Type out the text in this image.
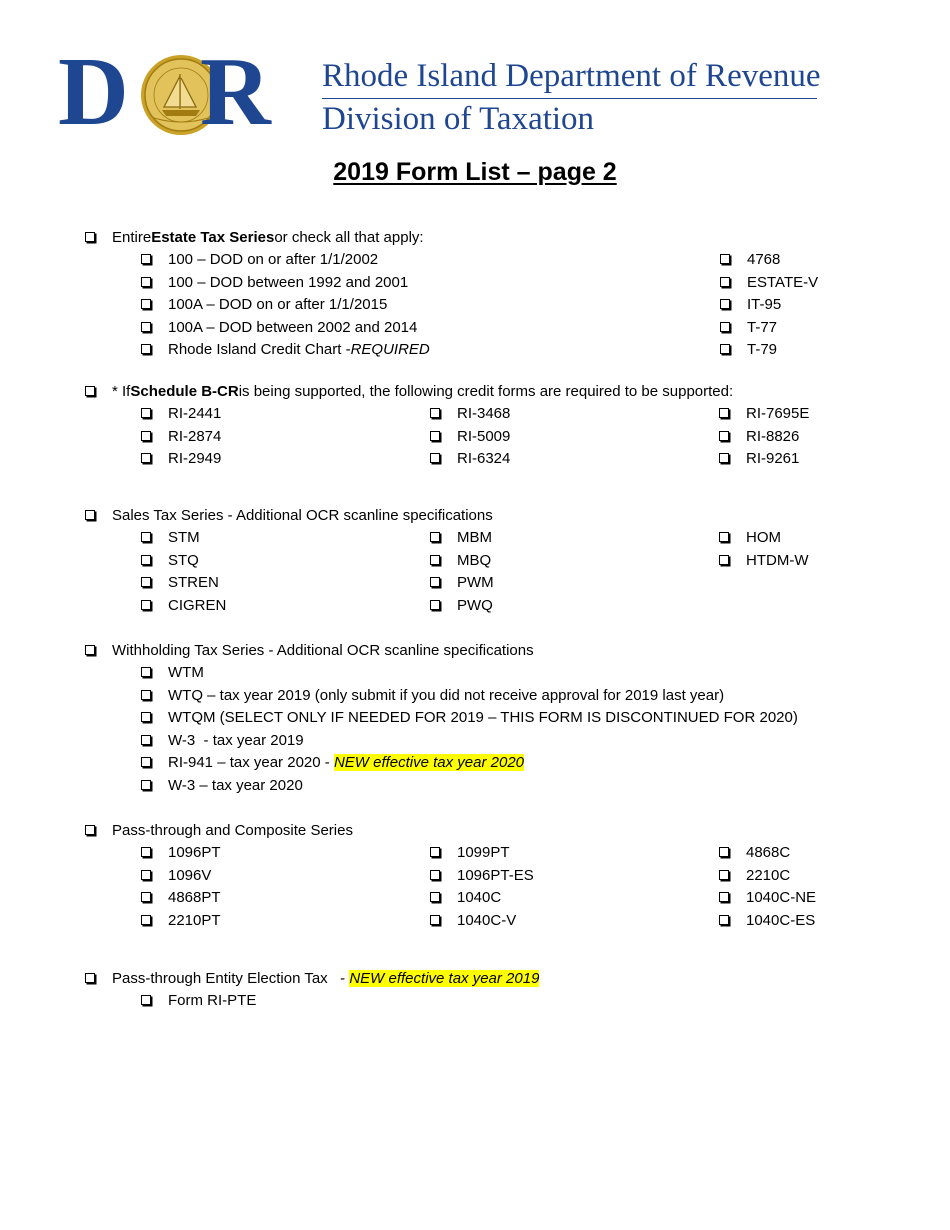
D R Rhode Island Department of Revenue
Division of Taxation
2019 Form List – page 2
Entire Estate Tax Series or check all that apply:
100 – DOD on or after 1/1/2002
100 – DOD between 1992 and 2001
100A – DOD on or after 1/1/2015
100A – DOD between 2002 and 2014
Rhode Island Credit Chart - REQUIRED
4768
ESTATE-V
IT-95
T-77
T-79
* If Schedule B-CR is being supported, the following credit forms are required to be supported:
RI-2441
RI-2874
RI-2949
RI-3468
RI-5009
RI-6324
RI-7695E
RI-8826
RI-9261
Sales Tax Series - Additional OCR scanline specifications
STM
STQ
STREN
CIGREN
MBM
MBQ
PWM
PWQ
HOM
HTDM-W
Withholding Tax Series - Additional OCR scanline specifications
WTM
WTQ – tax year 2019 (only submit if you did not receive approval for 2019 last year)
WTQM (SELECT ONLY IF NEEDED FOR 2019 – THIS FORM IS DISCONTINUED FOR 2020)
W-3  - tax year 2019
RI-941 – tax year 2020 - NEW effective tax year 2020
W-3 – tax year 2020
Pass-through and Composite Series
1096PT
1096V
4868PT
2210PT
1099PT
1096PT-ES
1040C
1040C-V
4868C
2210C
1040C-NE
1040C-ES
Pass-through Entity Election Tax   - NEW effective tax year 2019
Form RI-PTE
